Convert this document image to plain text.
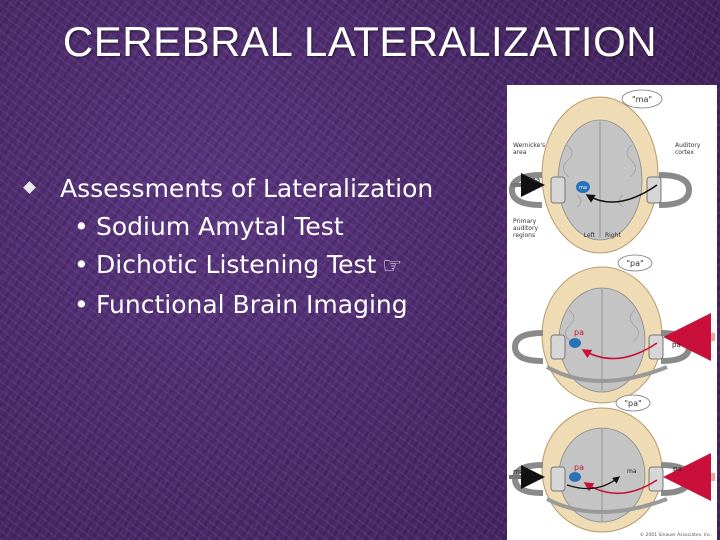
CEREBRAL LATERALIZATION
Assessments of Lateralization
• Sodium Amytal Test
• Dichotic Listening Test ☞
• Functional Brain Imaging
"ma"
ma
ma
Wernicke's
area
Auditory
cortex
Primary
auditory
regions	Left Right
"pa"
pa
pa
"pa"
ma	pa
pa	ma
© 2001 Sinauer Associates, Inc.
